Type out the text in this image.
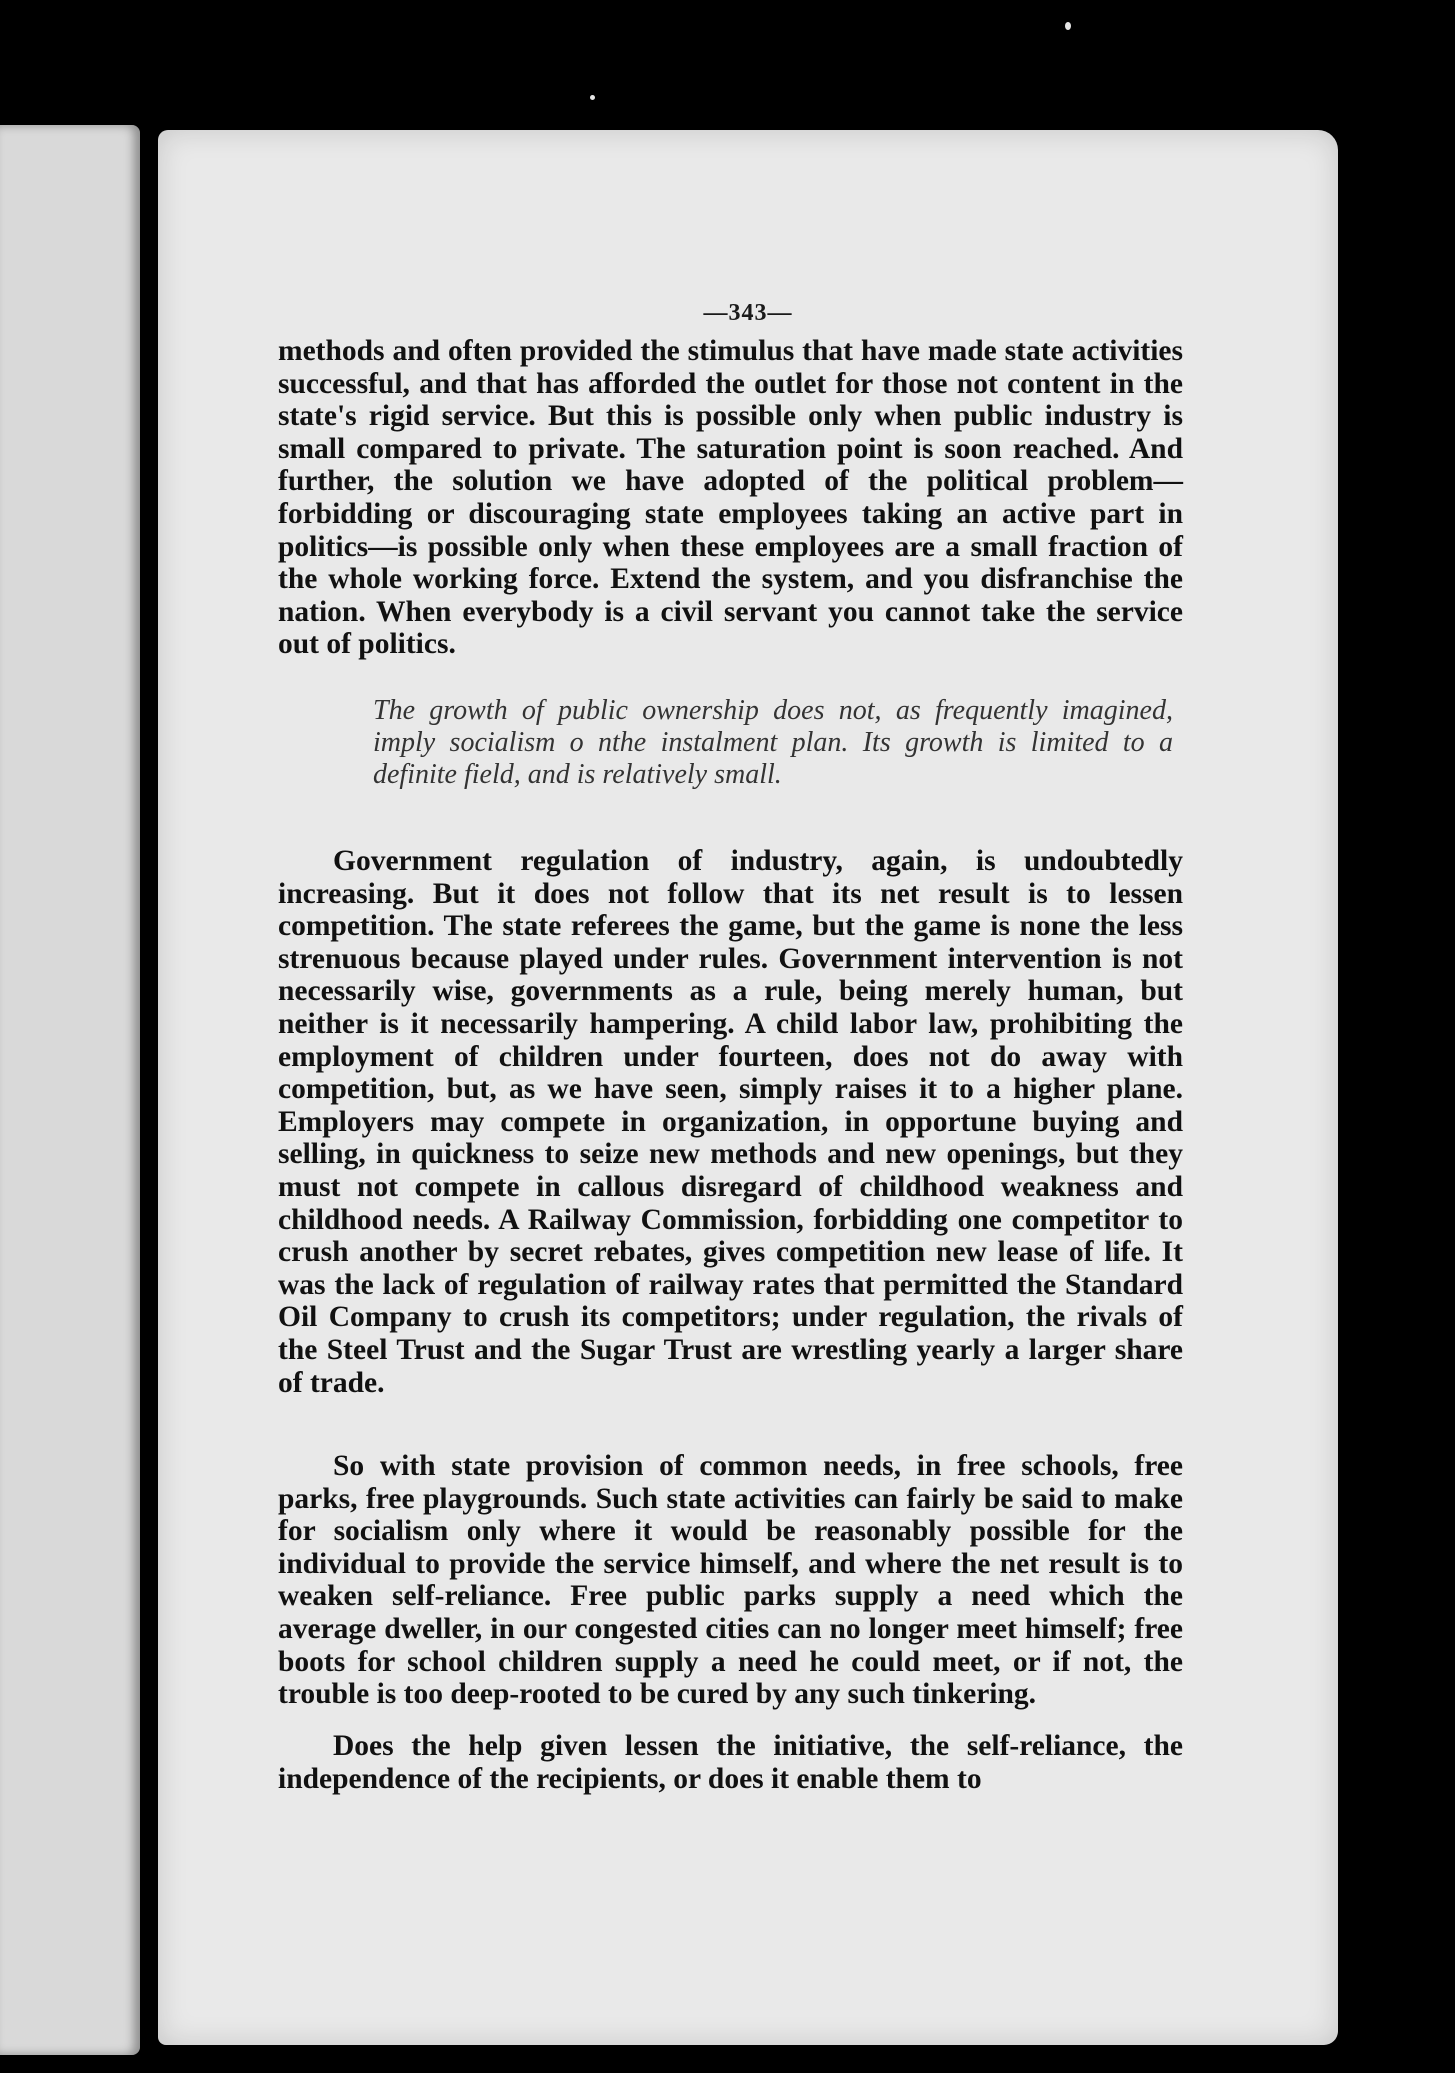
—343—

methods and often provided the stimulus that have made state activities successful, and that has afforded the outlet for those not content in the state's rigid service. But this is possible only when public industry is small compared to private. The saturation point is soon reached. And further, the solution we have adopted of the political problem—forbidding or discouraging state employees taking an active part in politics—is possible only when these employees are a small fraction of the whole working force. Extend the system, and you disfranchise the nation. When everybody is a civil servant you cannot take the service out of politics.

The growth of public ownership does not, as frequently imagined, imply socialism o nthe instalment plan. Its growth is limited to a definite field, and is relatively small.

Government regulation of industry, again, is undoubtedly increasing. But it does not follow that its net result is to lessen competition. The state referees the game, but the game is none the less strenuous because played under rules. Government intervention is not necessarily wise, governments as a rule, being merely human, but neither is it necessarily hampering. A child labor law, prohibiting the employment of children under fourteen, does not do away with competition, but, as we have seen, simply raises it to a higher plane. Employers may compete in organization, in opportune buying and selling, in quickness to seize new methods and new openings, but they must not compete in callous disregard of childhood weakness and childhood needs. A Railway Commission, forbidding one competitor to crush another by secret rebates, gives competition new lease of life. It was the lack of regulation of railway rates that permitted the Standard Oil Company to crush its competitors; under regulation, the rivals of the Steel Trust and the Sugar Trust are wrestling yearly a larger share of trade.

So with state provision of common needs, in free schools, free parks, free playgrounds. Such state activities can fairly be said to make for socialism only where it would be reasonably possible for the individual to provide the service himself, and where the net result is to weaken self-reliance. Free public parks supply a need which the average dweller, in our congested cities can no longer meet himself; free boots for school children supply a need he could meet, or if not, the trouble is too deep-rooted to be cured by any such tinkering.

Does the help given lessen the initiative, the self-reliance, the independence of the recipients, or does it enable them to
